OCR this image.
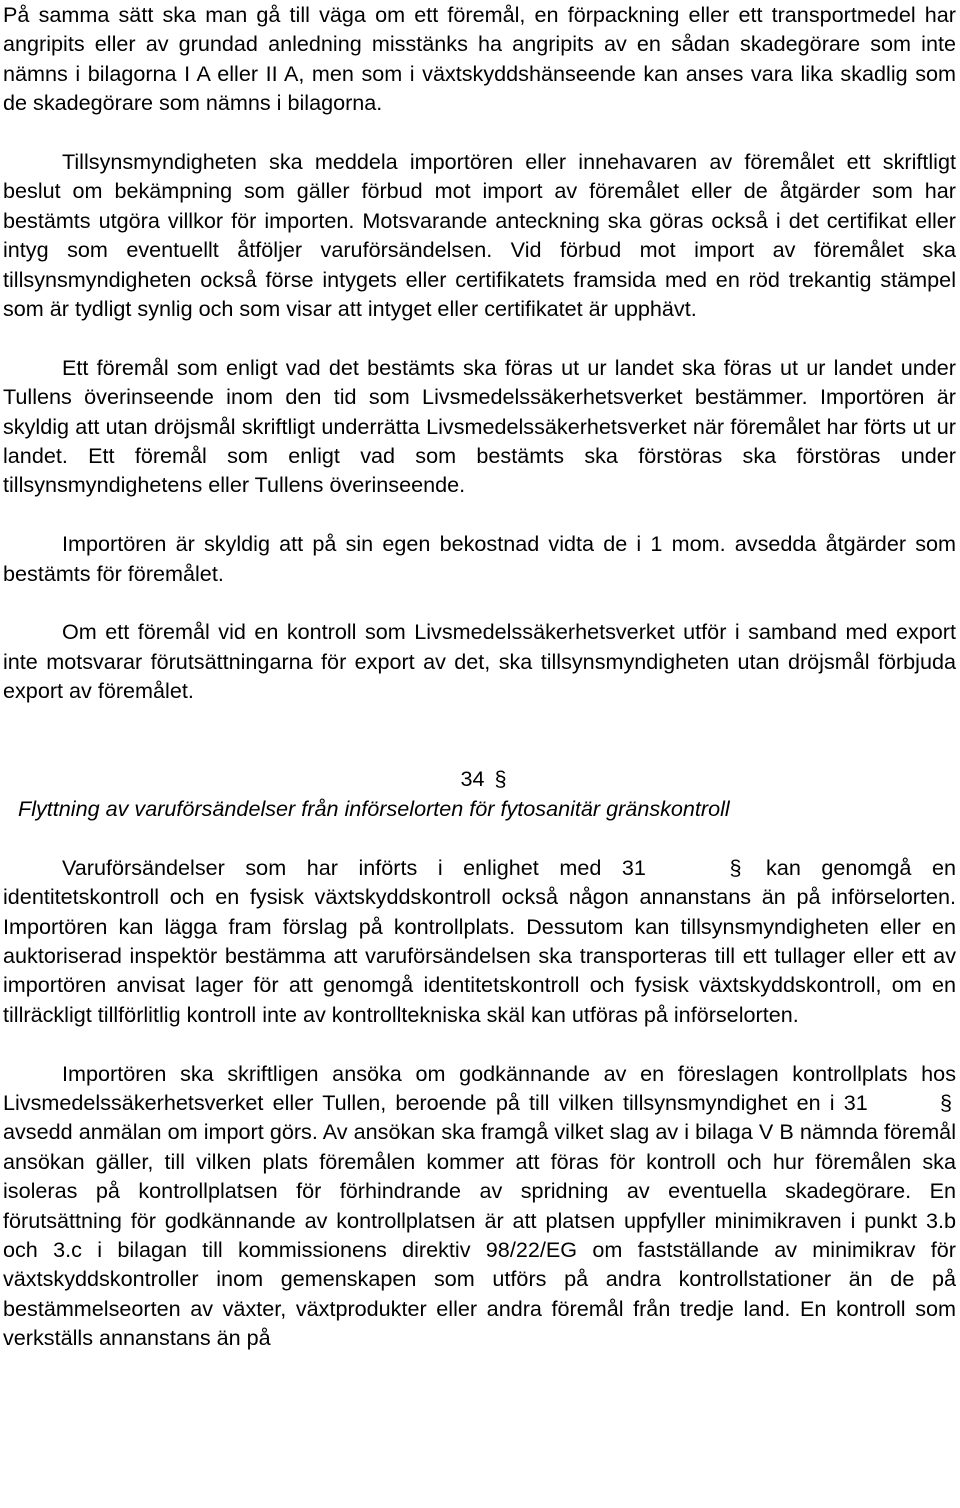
På samma sätt ska man gå till väga om ett föremål, en förpackning eller ett transportmedel har angripits eller av grundad anledning misstänks ha angripits av en sådan skadegörare som inte nämns i bilagorna I A eller II A, men som i växtskyddshänseende kan anses vara lika skadlig som de skadegörare som nämns i bilagorna.

Tillsynsmyndigheten ska meddela importören eller innehavaren av föremålet ett skriftligt beslut om bekämpning som gäller förbud mot import av föremålet eller de åtgärder som har bestämts utgöra villkor för importen. Motsvarande anteckning ska göras också i det certifikat eller intyg som eventuellt åtföljer varuförsändelsen. Vid förbud mot import av föremålet ska tillsynsmyndigheten också förse intygets eller certifikatets framsida med en röd trekantig stämpel som är tydligt synlig och som visar att intyget eller certifikatet är upphävt.

Ett föremål som enligt vad det bestämts ska föras ut ur landet ska föras ut ur landet under Tullens överinseende inom den tid som Livsmedelssäkerhetsverket bestämmer. Importören är skyldig att utan dröjsmål skriftligt underrätta Livsmedelssäkerhetsverket när föremålet har förts ut ur landet. Ett föremål som enligt vad som bestämts ska förstöras ska förstöras under tillsynsmyndighetens eller Tullens överinseende.

Importören är skyldig att på sin egen bekostnad vidta de i 1 mom. avsedda åtgärder som bestämts för föremålet.

Om ett föremål vid en kontroll som Livsmedelssäkerhetsverket utför i samband med export inte motsvarar förutsättningarna för export av det, ska tillsynsmyndigheten utan dröjsmål förbjuda export av föremålet.

34 §

Flyttning av varuförsändelser från införselorten för fytosanitär gränskontroll

Varuförsändelser som har införts i enlighet med 31	§ kan genomgå en identitetskontroll och en fysisk växtskyddskontroll också någon annanstans än på införselorten. Importören kan lägga fram förslag på kontrollplats. Dessutom kan tillsynsmyndigheten eller en auktoriserad inspektör bestämma att varuförsändelsen ska transporteras till ett tullager eller ett av importören anvisat lager för att genomgå identitetskontroll och fysisk växtskyddskontroll, om en tillräckligt tillförlitlig kontroll inte av kontrolltekniska skäl kan utföras på införselorten.

Importören ska skriftligen ansöka om godkännande av en föreslagen kontrollplats hos Livsmedelssäkerhetsverket eller Tullen, beroende på till vilken tillsynsmyndighet en i 31	§ avsedd anmälan om import görs. Av ansökan ska framgå vilket slag av i bilaga V B nämnda föremål ansökan gäller, till vilken plats föremålen kommer att föras för kontroll och hur föremålen ska isoleras på kontrollplatsen för förhindrande av spridning av eventuella skadegörare. En förutsättning för godkännande av kontrollplatsen är att platsen uppfyller minimikraven i punkt 3.b och 3.c i bilagan till kommissionens direktiv 98/22/EG om fastställande av minimikrav för växtskyddskontroller inom gemenskapen som utförs på andra kontrollstationer än de på bestämmelseorten av växter, växtprodukter eller andra föremål från tredje land. En kontroll som verkställs annanstans än på
